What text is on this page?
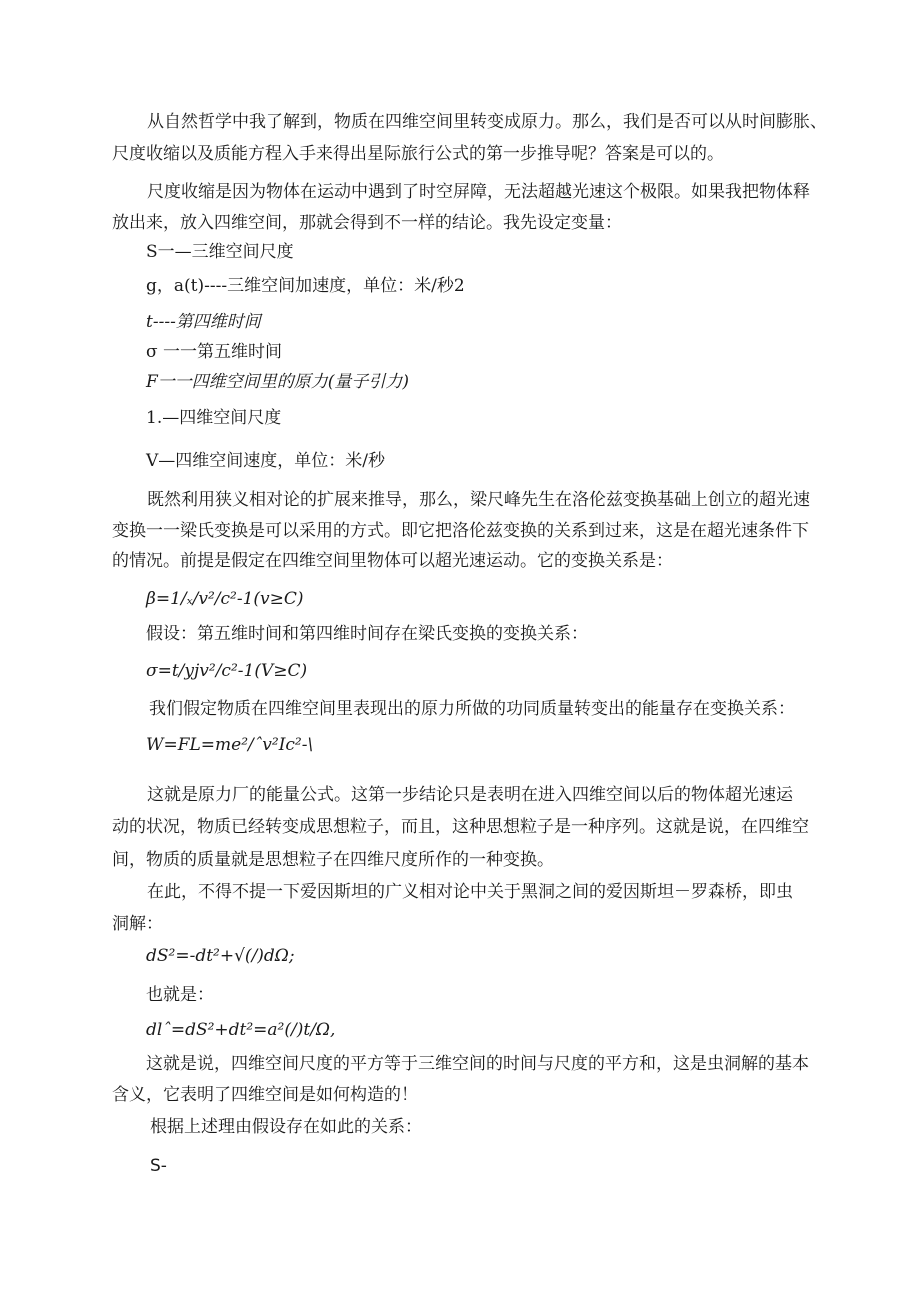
从自然哲学中我了解到，物质在四维空间里转变成原力。那么，我们是否可以从时间膨胀、
尺度收缩以及质能方程入手来得出星际旅行公式的第一步推导呢？答案是可以的。
尺度收缩是因为物体在运动中遇到了时空屏障，无法超越光速这个极限。如果我把物体释
放出来，放入四维空间，那就会得到不一样的结论。我先设定变量：
S一—三维空间尺度
g，a(t)----三维空间加速度，单位：米/秒2
t----第四维时间
σ 一一第五维时间
F一一四维空间里的原力(量子引力)
1.—四维空间尺度
V—四维空间速度，单位：米/秒
既然利用狭义相对论的扩展来推导，那么，梁尺峰先生在洛伦兹变换基础上创立的超光速
变换一一梁氏变换是可以采用的方式。即它把洛伦兹变换的关系到过来，这是在超光速条件下
的情况。前提是假定在四维空间里物体可以超光速运动。它的变换关系是：
β=1/ₓ/v²/c²-1(v≥C)
假设：第五维时间和第四维时间存在梁氏变换的变换关系：
σ=t/yjv²/c²-1(V≥C)
我们假定物质在四维空间里表现出的原力所做的功同质量转变出的能量存在变换关系：
W=FL=me²/ˆv²Ic²-\
这就是原力厂的能量公式。这第一步结论只是表明在进入四维空间以后的物体超光速运
动的状况，物质已经转变成思想粒子，而且，这种思想粒子是一种序列。这就是说，在四维空
间，物质的质量就是思想粒子在四维尺度所作的一种变换。
在此，不得不提一下爱因斯坦的广义相对论中关于黑洞之间的爱因斯坦－罗森桥，即虫
洞解：
dS²=-dt²+√(/)dΩ;
也就是：
dlˆ=dS²+dt²=a²(/)t/Ω,
这就是说，四维空间尺度的平方等于三维空间的时间与尺度的平方和，这是虫洞解的基本
含义，它表明了四维空间是如何构造的！
根据上述理由假设存在如此的关系：
S-
